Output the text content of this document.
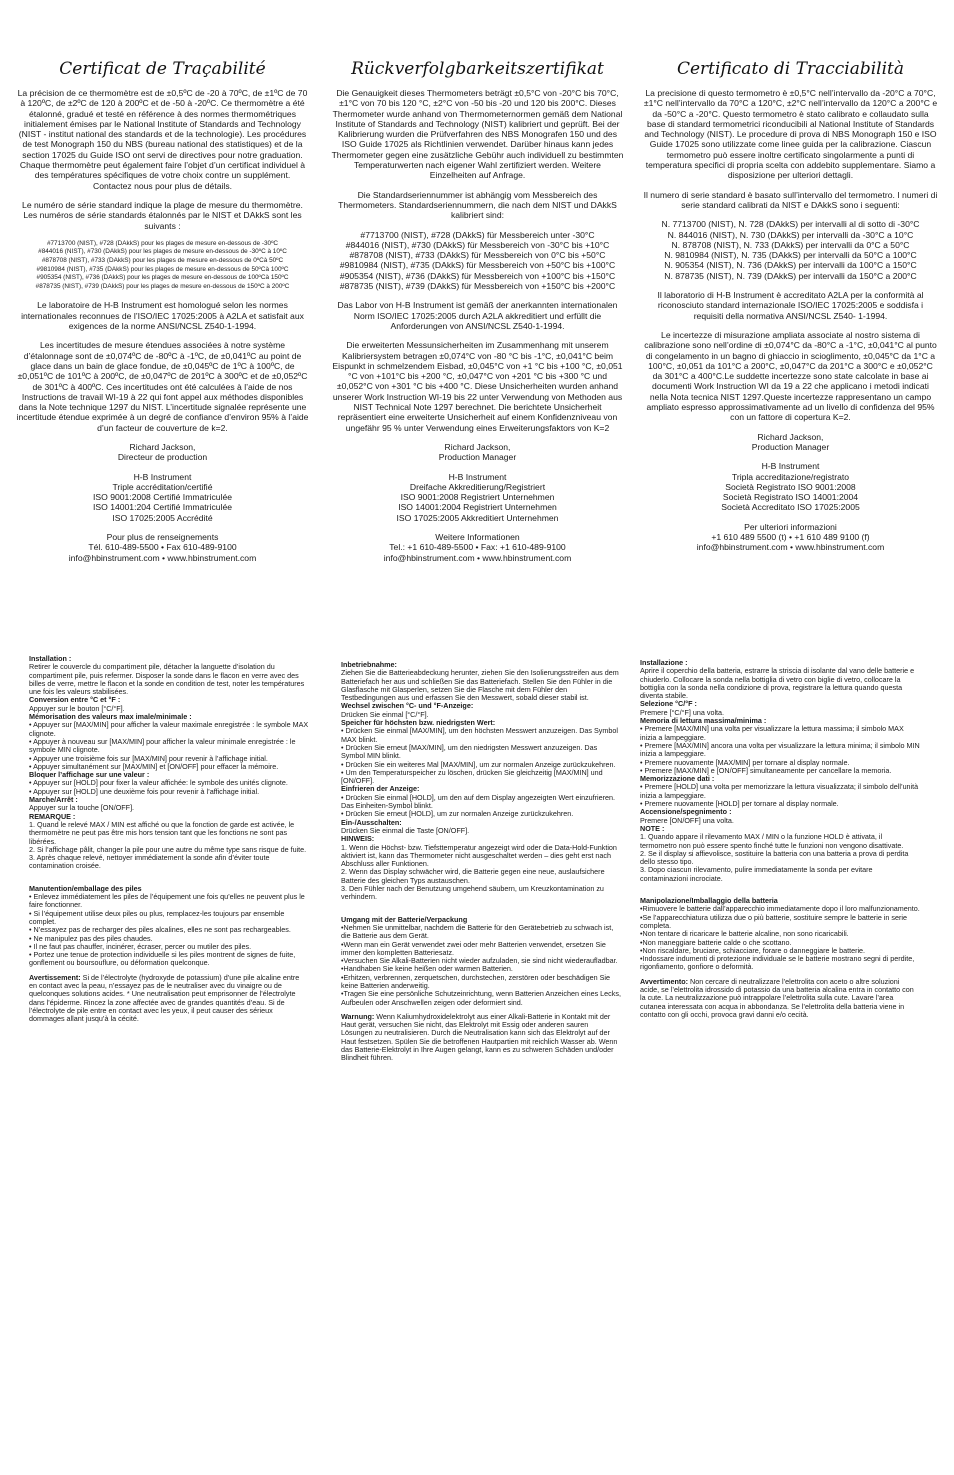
Certificat de Traçabilité

La précision de ce thermomètre est de ±0,5ºC de -20 à 70ºC, de ±1ºC de 70 à 120ºC, de ±2ºC de 120 à 200ºC et de -50 à -20ºC. Ce thermomètre a été étalonné, gradué et testé en référence à des normes thermométriques initialement émises par le National Institute of Standards and Technology (NIST - institut national des standards et de la technologie). Les procédures de test Monograph 150 du NBS (bureau national des statistiques) et de la section 17025 du Guide ISO ont servi de directives pour notre graduation. Chaque thermomètre peut également faire l’objet d’un certificat individuel à des températures spécifiques de votre choix contre un supplément. Contactez nous pour plus de détails.

Le numéro de série standard indique la plage de mesure du thermomètre. Les numéros de série standards étalonnés par le NIST et DAkkS sont les suivants :

#7713700 (NIST), #728 (DAkkS) pour les plages de mesure en-dessous de -30ºC
#844016 (NIST), #730 (DAkkS) pour les plages de mesure en-dessous de -30ºC à 10ºC
#878708 (NIST), #733 (DAkkS) pour les plages de mesure en-dessous de 0ºCà 50ºC
#9810984 (NIST), #735 (DAkkS) pour les plages de mesure en-dessous de 50ºCà 100ºC
#905354 (NIST), #736 (DAkkS) pour les plages de mesure en-dessous de 100ºCà 150ºC
#878735 (NIST), #739 (DAkkS) pour les plages de mesure en-dessous de 150ºC à 200ºC

Le laboratoire de H-B Instrument est homologué selon les normes internationales reconnues de l’ISO/IEC 17025:2005 à A2LA et satisfait aux exigences de la norme ANSI/NCSL Z540-1-1994.

Les incertitudes de mesure étendues associées à notre système d’étalonnage sont de ±0,074ºC de -80ºC à -1ºC, de ±0,041ºC au point de glace dans un bain de glace fondue, de ±0,045ºC de 1ºC à 100ºC, de ±0,051ºC de 101ºC à 200ºC, de ±0,047ºC de 201ºC à 300ºC et de ±0,052ºC de 301ºC à 400ºC. Ces incertitudes ont été calculées à l’aide de nos Instructions de travail WI-19 à 22 qui font appel aux méthodes disponibles dans la Note technique 1297 du NIST. L’incertitude signalée représente une incertitude étendue exprimée à un degré de confiance d’environ 95% à l’aide d’un facteur de couverture de k=2.

Richard Jackson,
Directeur de production

H-B Instrument
Triple accréditation/certifié
ISO 9001:2008 Certifié Immatriculée
ISO 14001:204 Certifié Immatriculée
ISO 17025:2005 Accrédité

Pour plus de renseignements
Tél. 610-489-5500 • Fax 610-489-9100
info@hbinstrument.com • www.hbinstrument.com

Rückverfolgbarkeitszertifikat

Die Genauigkeit dieses Thermometers beträgt ±0,5°C von -20°C bis 70°C, ±1°C von 70 bis 120 °C, ±2°C von -50 bis -20 und 120 bis 200°C. Dieses Thermometer wurde anhand von Thermometernormen gemäß dem National Institute of Standards and Technology (NIST) kalibriert und geprüft. Bei der Kalibrierung wurden die Prüfverfahren des NBS Monografen 150 und des ISO Guide 17025 als Richtlinien verwendet. Darüber hinaus kann jedes Thermometer gegen eine zusätzliche Gebühr auch individuell zu bestimmten Temperaturwerten nach eigener Wahl zertifiziert werden. Weitere Einzelheiten auf Anfrage.

Die Standardseriennummer ist abhängig vom Messbereich des Thermometers. Standardseriennummern, die nach dem NIST und DAkkS kalibriert sind:

#7713700 (NIST), #728 (DAkkS) für Messbereich unter -30°C
#844016 (NIST), #730 (DAkkS) für Messbereich von -30°C bis +10°C
#878708 (NIST), #733 (DAkkS) für Messbereich von 0°C bis +50°C
#9810984 (NIST), #735 (DAkkS) für Messbereich von +50°C bis +100°C
#905354 (NIST), #736 (DAkkS) für Messbereich von +100°C bis +150°C
#878735 (NIST), #739 (DAkkS) für Messbereich von +150°C bis +200°C

Das Labor von H-B Instrument ist gemäß der anerkannten internationalen Norm ISO/IEC 17025:2005 durch A2LA akkreditiert und erfüllt die Anforderungen von ANSI/NCSL Z540-1-1994.

Die erweiterten Messunsicherheiten im Zusammenhang mit unserem Kalibriersystem betragen ±0,074°C von -80 °C bis -1°C, ±0,041°C beim Eispunkt in schmelzendem Eisbad, ±0,045°C von +1 °C bis +100 °C, ±0,051 °C von +101°C bis +200 °C, ±0,047°C von +201 °C bis +300 °C und ±0,052°C von +301 °C bis +400 °C. Diese Unsicherheiten wurden anhand unserer Work Instruction WI-19 bis 22 unter Verwendung von Methoden aus NIST Technical Note 1297 berechnet. Die berichtete Unsicherheit repräsentiert eine erweiterte Unsicherheit auf einem Konfidenzniveau von ungefähr 95 % unter Verwendung eines Erweiterungsfaktors von K=2

Richard Jackson,
Production Manager

H-B Instrument
Dreifache Akkreditierung/Registriert
ISO 9001:2008 Registriert Unternehmen
ISO 14001:2004 Registriert Unternehmen
ISO 17025:2005 Akkreditiert Unternehmen

Weitere Informationen
Tel.: +1 610-489-5500 • Fax: +1 610-489-9100
info@hbinstrument.com • www.hbinstrument.com

Certificato di Tracciabilità

La precisione di questo termometro è ±0,5°C nell’intervallo da -20°C a 70°C, ±1°C nell’intervallo da 70°C a 120°C, ±2°C nell’intervallo da 120°C a 200°C e da -50°C a -20°C. Questo termometro è stato calibrato e collaudato sulla base di standard termometrici riconducibili al National Institute of Standards and Technology (NIST). Le procedure di prova di NBS Monograph 150 e ISO Guide 17025 sono utilizzate come linee guida per la calibrazione. Ciascun termometro può essere inoltre certificato singolarmente a punti di temperatura specifici di propria scelta con addebito supplementare. Siamo a disposizione per ulteriori dettagli.

Il numero di serie standard è basato sull’intervallo del termometro. I numeri di serie standard calibrati da NIST e DAkkS sono i seguenti:

N. 7713700 (NIST), N. 728 (DAkkS) per intervalli al di sotto di -30°C
N. 844016 (NIST), N. 730 (DAkkS) per intervalli da -30°C a 10°C
N. 878708 (NIST), N. 733 (DAkkS) per intervalli da 0°C a 50°C
N. 9810984 (NIST), N. 735 (DAkkS) per intervalli da 50°C a 100°C
N. 905354 (NIST), N. 736 (DAkkS) per intervalli da 100°C a 150°C
N. 878735 (NIST), N. 739 (DAkkS) per intervalli da 150°C a 200°C

Il laboratorio di H-B Instrument è accreditato A2LA per la conformità al riconosciuto standard internazionale ISO/IEC 17025:2005 e soddisfa i requisiti della normativa ANSI/NCSL Z540- 1-1994.

Le incertezze di misurazione ampliata associate al nostro sistema di calibrazione sono nell’ordine di ±0,074°C da -80°C a -1°C, ±0,041°C al punto di congelamento in un bagno di ghiaccio in scioglimento, ±0,045°C da 1°C a 100°C, ±0,051 da 101°C a 200°C, ±0,047°C da 201°C a 300°C e ±0,052°C da 301°C a 400°C.Le suddette incertezze sono state calcolate in base ai documenti Work Instruction WI da 19 a 22 che applicano i metodi indicati nella Nota tecnica NIST 1297.Queste incertezze rappresentano un campo ampliato espresso approssimativamente ad un livello di confidenza del 95% con un fattore di copertura K=2.

Richard Jackson,
Production Manager

H-B Instrument
Tripla accreditazione/registrato
Società Registrato ISO 9001:2008
Società Registrato ISO 14001:2004
Società Accreditato ISO 17025:2005

Per ulteriori informazioni
+1 610 489 5500 (t) • +1 610 489 9100 (f)
info@hbinstrument.com • www.hbinstrument.com

Installation :
Retirer le couvercle du compartiment pile, détacher la languette d’isolation du compartiment pile, puis refermer. Disposer la sonde dans le flacon en verre avec des billes de verre, mettre le flacon et la sonde en condition de test, noter les températures une fois les valeurs stabilisées.
Conversion entre °C et °F :
Appuyer sur le bouton [°C/°F].
Mémorisation des valeurs max imale/minimale :
• Appuyer sur [MAX/MIN] pour afficher la valeur maximale enregistrée : le symbole MAX clignote.
• Appuyer à nouveau sur [MAX/MIN] pour afficher la valeur minimale enregistrée : le symbole MIN clignote.
• Appuyer une troisième fois sur [MAX/MIN] pour revenir à l’affichage initial.
• Appuyer simultanément sur [MAX/MIN] et [ON/OFF] pour effacer la mémoire.
Bloquer l’affichage sur une valeur :
• Appuyer sur [HOLD] pour fixer la valeur affichée: le symbole des unités clignote.
• Appuyer sur [HOLD] une deuxième fois pour revenir à l’affichage initial.
Marche/Arrêt :
Appuyer sur la touche [ON/OFF].
REMARQUE :
1. Quand le relevé MAX / MIN est affiché ou que la fonction de garde est activée, le thermomètre ne peut pas être mis hors tension tant que les fonctions ne sont pas libérées.
2. Si l’affichage pâlit, changer la pile pour une autre du même type sans risque de fuite.
3. Après chaque relevé, nettoyer immédiatement la sonde afin d’éviter toute contamination croisée.
Manutention/emballage des piles
• Enlevez immédiatement les piles de l’équipement une fois qu’elles ne peuvent plus le faire fonctionner.
• Si l’équipement utilise deux piles ou plus, remplacez-les toujours par ensemble complet.
• N’essayez pas de recharger des piles alcalines, elles ne sont pas rechargeables.
• Ne manipulez pas des piles chaudes.
• Il ne faut pas chauffer, incinérer, écraser, percer ou mutiler des piles.
• Portez une tenue de protection individuelle si les piles montrent de signes de fuite, gonflement ou boursouflure, ou déformation quelconque.
Avertissement: Si de l’électrolyte (hydroxyde de potassium) d’une pile alcaline entre en contact avec la peau, n’essayez pas de le neutraliser avec du vinaigre ou de quelconques solutions acides. * Une neutralisation peut emprisonner de l’électrolyte dans l’épiderme. Rincez la zone affectée avec de grandes quantités d’eau. Si de l’électrolyte de pile entre en contact avec les yeux, il peut causer des sérieux dommages allant jusqu’à la cécité.
Inbetriebnahme:
Ziehen Sie die Batterieabdeckung herunter, ziehen Sie den Isolierungsstreifen aus dem Batteriefach her aus und schließen Sie das Batteriefach. Stellen Sie den Fühler in die Glasflasche mit Glasperlen, setzen Sie die Flasche mit dem Fühler den Testbedingungen aus und erfassen Sie den Messwert, sobald dieser stabil ist.
Wechsel zwischen °C- und °F-Anzeige:
Drücken Sie einmal [°C/°F].
Speicher für höchsten bzw. niedrigsten Wert:
• Drücken Sie einmal [MAX/MIN], um den höchsten Messwert anzuzeigen. Das Symbol MAX blinkt.
• Drücken Sie erneut [MAX/MIN], um den niedrigsten Messwert anzuzeigen. Das Symbol MIN blinkt.
• Drücken Sie ein weiteres Mal [MAX/MIN], um zur normalen Anzeige zurückzukehren.
• Um den Temperaturspeicher zu löschen, drücken Sie gleichzeitig [MAX/MIN] und [ON/OFF].
Einfrieren der Anzeige:
• Drücken Sie einmal [HOLD], um den auf dem Display angezeigten Wert einzufrieren. Das Einheiten-Symbol blinkt.
• Drücken Sie erneut [HOLD], um zur normalen Anzeige zurückzukehren.
Ein-/Ausschalten:
Drücken Sie einmal die Taste [ON/OFF].
HINWEIS:
1. Wenn die Höchst- bzw. Tiefsttemperatur angezeigt wird oder die Data-Hold-Funktion aktiviert ist, kann das Thermometer nicht ausgeschaltet werden – dies geht erst nach Abschluss aller Funktionen.
2. Wenn das Display schwächer wird, die Batterie gegen eine neue, auslaufsichere Batterie des gleichen Typs austauschen.
3. Den Fühler nach der Benutzung umgehend säubern, um Kreuzkontamination zu verhindern.
Umgang mit der Batterie/Verpackung
•Nehmen Sie unmittelbar, nachdem die Batterie für den Gerätebetrieb zu schwach ist, die Batterie aus dem Gerät.
•Wenn man ein Gerät verwendet zwei oder mehr Batterien verwendet, ersetzen Sie immer den kompletten Batteriesatz.
•Versuchen Sie Alkali-Batterien nicht wieder aufzuladen, sie sind nicht wiederaufladbar.
•Handhaben Sie keine heißen oder warmen Batterien.
•Erhitzen, verbrennen, zerquetschen, durchstechen, zerstören oder beschädigen Sie keine Batterien anderweitig.
•Tragen Sie eine persönliche Schutzeinrichtung, wenn Batterien Anzeichen eines Lecks, Aufbeulen oder Anschwellen zeigen oder deformiert sind.
Warnung: Wenn Kaliumhydroxidelektrolyt aus einer Alkali-Batterie in Kontakt mit der Haut gerät, versuchen Sie nicht, das Elektrolyt mit Essig oder anderen sauren Lösungen zu neutralisieren. Durch die Neutralisation kann sich das Elektrolyt auf der Haut festsetzen. Spülen Sie die betroffenen Hautpartien mit reichlich Wasser ab. Wenn das Batterie-Elektrolyt in Ihre Augen gelangt, kann es zu schweren Schäden und/oder Blindheit führen.
Installazione :
Aprire il coperchio della batteria, estrarre la striscia di isolante dal vano delle batterie e chiuderlo. Collocare la sonda nella bottiglia di vetro con biglie di vetro, collocare la bottiglia con la sonda nella condizione di prova, registrare la lettura quando questa diventa stabile.
Selezione °C/°F :
Premere [°C/°F] una volta.
Memoria di lettura massima/minima :
• Premere [MAX/MIN] una volta per visualizzare la lettura massima; il simbolo MAX inizia a lampeggiare.
• Premere [MAX/MIN] ancora una volta per visualizzare la lettura minima; il simbolo MIN inizia a lampeggiare.
• Premere nuovamente [MAX/MIN] per tornare al display normale.
• Premere [MAX/MIN] e [ON/OFF] simultaneamente per cancellare la memoria.
Memorizzazione dati :
• Premere [HOLD] una volta per memorizzare la lettura visualizzata; il simbolo dell’unità inizia a lampeggiare.
• Premere nuovamente [HOLD] per tornare al display normale.
Accensione/spegnimento :
Premere [ON/OFF] una volta.
NOTE :
1. Quando appare il rilevamento MAX / MIN o la funzione HOLD è attivata, il termometro non può essere spento finché tutte le funzioni non vengono disattivate.
2. Se il display si affievolisce, sostituire la batteria con una batteria a prova di perdita dello stesso tipo.
3. Dopo ciascun rilevamento, pulire immediatamente la sonda per evitare contaminazioni incrociate.
Manipolazione/Imballaggio della batteria
•Rimuovere le batterie dall’apparecchio immediatamente dopo il loro malfunzionamento.
•Se l’apparecchiatura utilizza due o più batterie, sostituire sempre le batterie in serie completa.
•Non tentare di ricaricare le batterie alcaline, non sono ricaricabili.
•Non maneggiare batterie calde o che scottano.
•Non riscaldare, bruciare, schiacciare, forare o danneggiare le batterie.
•Indossare indumenti di protezione individuale se le batterie mostrano segni di perdite, rigonfiamento, gonfiore o deformità.
Avvertimento: Non cercare di neutralizzare l’elettrolita con aceto o altre soluzioni acide, se l’elettrolita idrossido di potassio da una batteria alcalina entra in contatto con la cute. La neutralizzazione può intrappolare l’elettrolita sulla cute. Lavare l’area cutanea interessata con acqua in abbondanza. Se l’elettrolita della batteria viene in contatto con gli occhi, provoca gravi danni e/o cecità.
